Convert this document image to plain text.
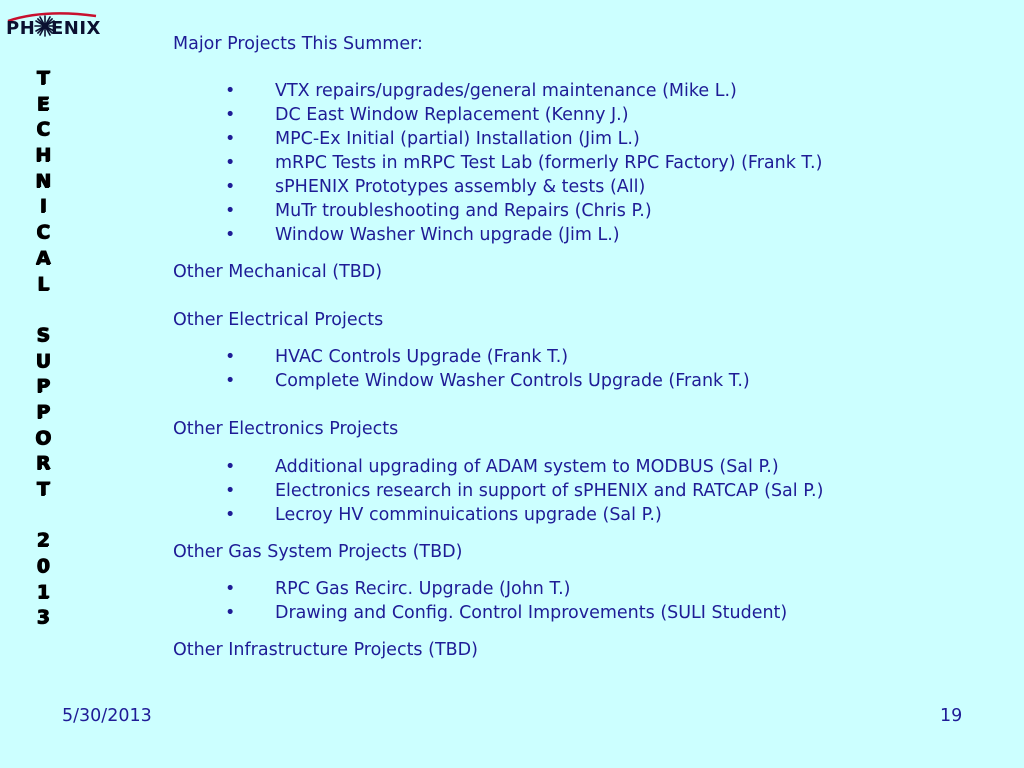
PH ENIX
T
E
C
H
N
I
C
A
L
S
U
P
P
O
R
T
2
0
1
3
Major Projects This Summer:
• VTX repairs/upgrades/general maintenance (Mike L.)
• DC East Window Replacement (Kenny J.)
• MPC-Ex Initial (partial) Installation (Jim L.)
• mRPC Tests in mRPC Test Lab (formerly RPC Factory) (Frank T.)
• sPHENIX Prototypes assembly & tests (All)
• MuTr troubleshooting and Repairs (Chris P.)
• Window Washer Winch upgrade (Jim L.)
Other Mechanical (TBD)
Other Electrical Projects
• HVAC Controls Upgrade (Frank T.)
• Complete Window Washer Controls Upgrade (Frank T.)
Other Electronics Projects
• Additional upgrading of ADAM system to MODBUS (Sal P.)
• Electronics research in support of sPHENIX and RATCAP (Sal P.)
• Lecroy HV comminuications upgrade (Sal P.)
Other Gas System Projects (TBD)
• RPC Gas Recirc. Upgrade (John T.)
• Drawing and Config. Control Improvements (SULI Student)
Other Infrastructure Projects (TBD)
5/30/2013	19
